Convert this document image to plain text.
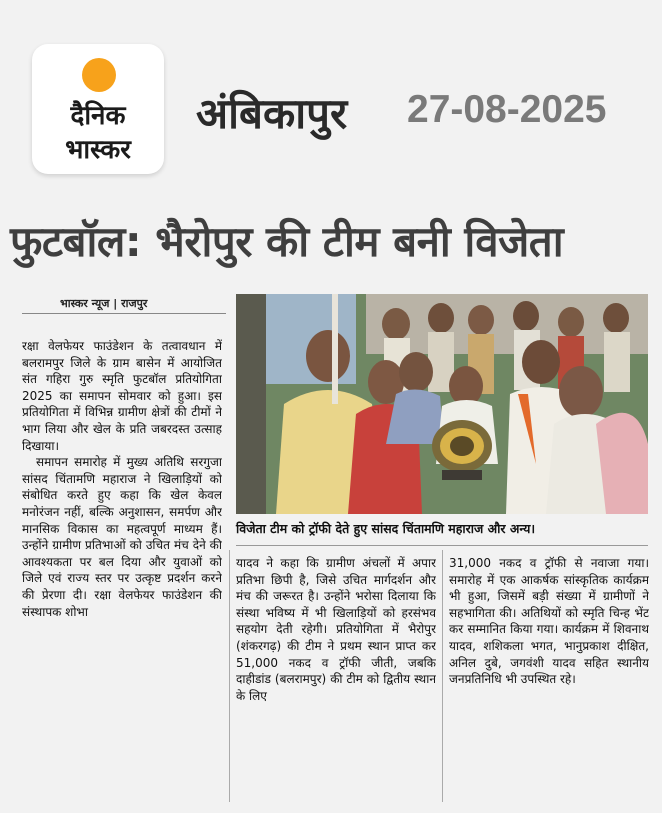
दैनिक
भास्कर
अंबिकापुर 27-08-2025
फुटबॉल: भैरोपुर की टीम बनी विजेता
भास्कर न्यूज | राजपुर

रक्षा वेलफेयर फाउंडेशन के तत्वावधान में बलरामपुर जिले के ग्राम बासेन में आयोजित संत गहिरा गुरु स्मृति फुटबॉल प्रतियोगिता 2025 का समापन सोमवार को हुआ। इस प्रतियोगिता में विभिन्न ग्रामीण क्षेत्रों की टीमों ने भाग लिया और खेल के प्रति जबरदस्त उत्साह दिखाया।

समापन समारोह में मुख्य अतिथि सरगुजा सांसद चिंतामणि महाराज ने खिलाड़ियों को संबोधित करते हुए कहा कि खेल केवल मनोरंजन नहीं, बल्कि अनुशासन, समर्पण और मानसिक विकास का महत्वपूर्ण माध्यम हैं। उन्होंने ग्रामीण प्रतिभाओं को उचित मंच देने की आवश्यकता पर बल दिया और युवाओं को जिले एवं राज्य स्तर पर उत्कृष्ट प्रदर्शन करने की प्रेरणा दी। रक्षा वेलफेयर फाउंडेशन की संस्थापक शोभा

विजेता टीम को ट्रॉफी देते हुए सांसद चिंतामणि महाराज और अन्य।

यादव ने कहा कि ग्रामीण अंचलों में अपार प्रतिभा छिपी है, जिसे उचित मार्गदर्शन और मंच की जरूरत है। उन्होंने भरोसा दिलाया कि संस्था भविष्य में भी खिलाड़ियों को हरसंभव सहयोग देती रहेगी। प्रतियोगिता में भैरोपुर (शंकरगढ़) की टीम ने प्रथम स्थान प्राप्त कर 51,000 नकद व ट्रॉफी जीती, जबकि दाहीडांड (बलरामपुर) की टीम को द्वितीय स्थान के लिए

31,000 नकद व ट्रॉफी से नवाजा गया। समारोह में एक आकर्षक सांस्कृतिक कार्यक्रम भी हुआ, जिसमें बड़ी संख्या में ग्रामीणों ने सहभागिता की। अतिथियों को स्मृति चिन्ह भेंट कर सम्मानित किया गया। कार्यक्रम में शिवनाथ यादव, शशिकला भगत, भानुप्रकाश दीक्षित, अनिल दुबे, जगवंशी यादव सहित स्थानीय जनप्रतिनिधि भी उपस्थित रहे।
